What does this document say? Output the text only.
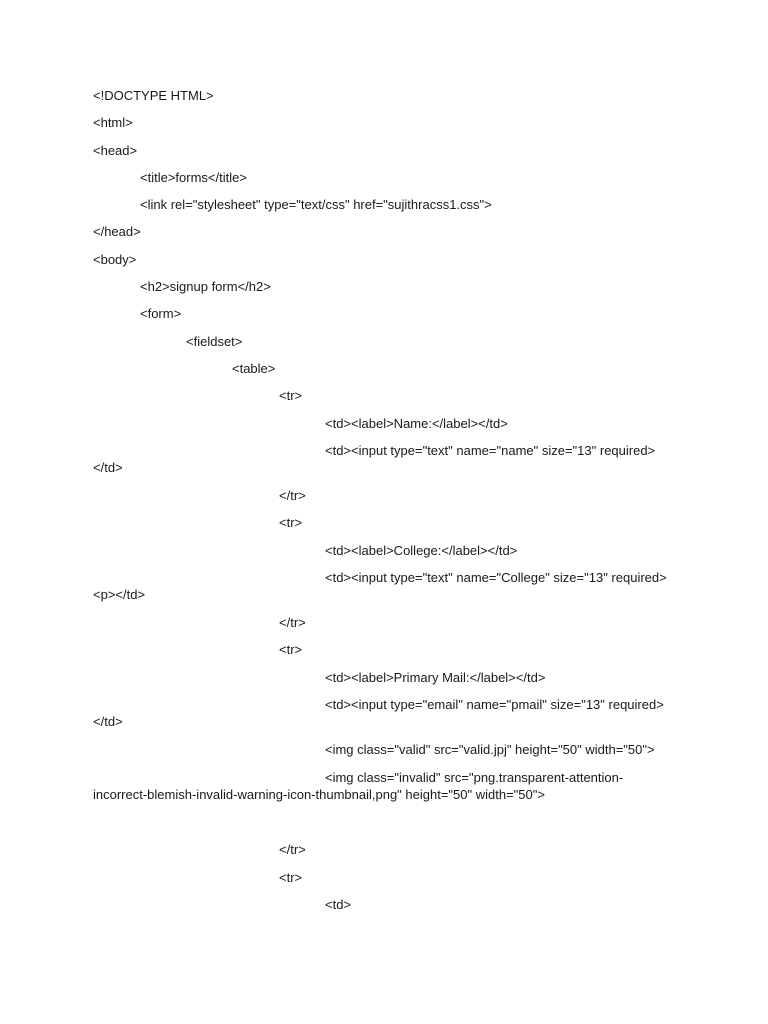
<!DOCTYPE HTML>

<html>

<head>

<title>forms</title>

<link rel="stylesheet" type="text/css" href="sujithracss1.css">

</head>

<body>

<h2>signup form</h2>

<form>

<fieldset>

<table>

<tr>

<td><label>Name:</label></td>

<td><input type="text" name="name" size="13" required></td>

</tr>

<tr>

<td><label>College:</label></td>

<td><input type="text" name="College" size="13" required><p></td>

</tr>

<tr>

<td><label>Primary Mail:</label></td>

<td><input type="email" name="pmail" size="13" required></td>

<img class="valid" src="valid.jpj" height="50" width="50">

<img class="invalid" src="png.transparent-attention-incorrect-blemish-invalid-warning-icon-thumbnail,png" height="50" width="50">

</tr>

<tr>

<td>
